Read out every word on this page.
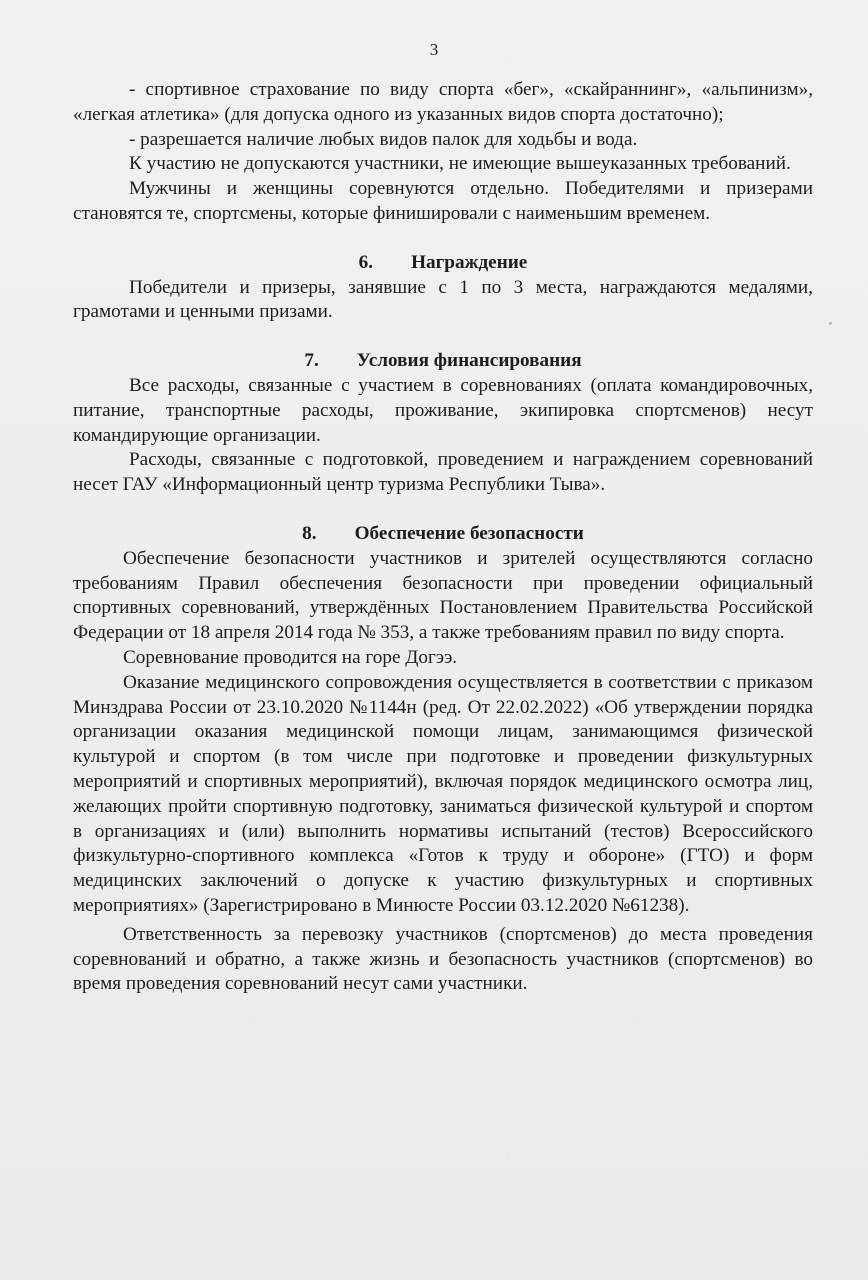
3

- спортивное страхование по виду спорта «бег», «скайраннинг», «альпинизм», «легкая атлетика» (для допуска одного из указанных видов спорта достаточно);

- разрешается наличие любых видов палок для ходьбы и вода.

К участию не допускаются участники, не имеющие вышеуказанных требований.

Мужчины и женщины соревнуются отдельно. Победителями и призерами становятся те, спортсмены, которые финишировали с наименьшим временем.

6. Награждение

Победители и призеры, занявшие с 1 по 3 места, награждаются медалями, грамотами и ценными призами.

7. Условия финансирования

Все расходы, связанные с участием в соревнованиях (оплата командировочных, питание, транспортные расходы, проживание, экипировка спортсменов) несут командирующие организации.

Расходы, связанные с подготовкой, проведением и награждением соревнований несет ГАУ «Информационный центр туризма Республики Тыва».

8. Обеспечение безопасности

Обеспечение безопасности участников и зрителей осуществляются согласно требованиям Правил обеспечения безопасности при проведении официальный спортивных соревнований, утверждённых Постановлением Правительства Российской Федерации от 18 апреля 2014 года № 353, а также требованиям правил по виду спорта.

Соревнование проводится на горе Догээ.

Оказание медицинского сопровождения осуществляется в соответствии с приказом Минздрава России от 23.10.2020 №1144н (ред. От 22.02.2022) «Об утверждении порядка организации оказания медицинской помощи лицам, занимающимся физической культурой и спортом (в том числе при подготовке и проведении физкультурных мероприятий и спортивных мероприятий), включая порядок медицинского осмотра лиц, желающих пройти спортивную подготовку, заниматься физической культурой и спортом в организациях и (или) выполнить нормативы испытаний (тестов) Всероссийского физкультурно-спортивного комплекса «Готов к труду и обороне» (ГТО) и форм медицинских заключений о допуске к участию физкультурных и спортивных мероприятиях» (Зарегистрировано в Минюсте России 03.12.2020 №61238).

Ответственность за перевозку участников (спортсменов) до места проведения соревнований и обратно, а также жизнь и безопасность участников (спортсменов) во время проведения соревнований несут сами участники.
